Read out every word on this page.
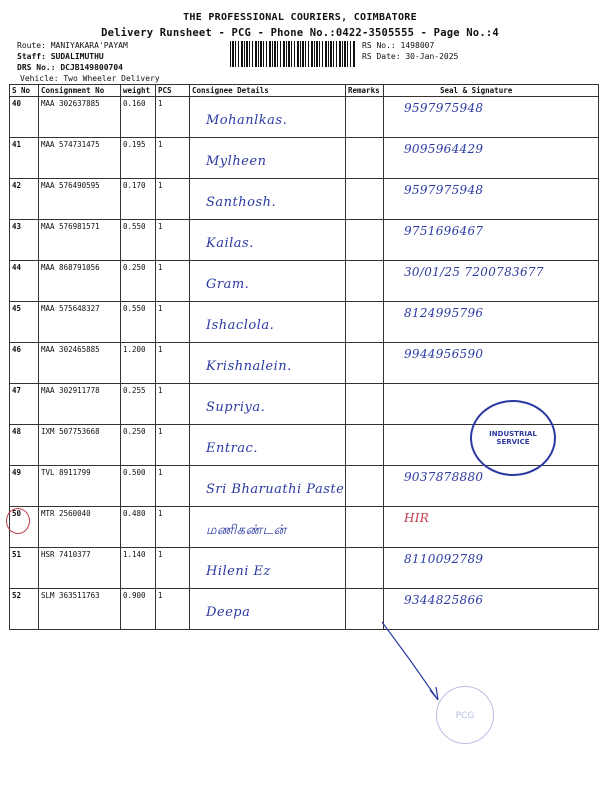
THE PROFESSIONAL COURIERS, COIMBATORE
Delivery Runsheet - PCG - Phone No.:0422-3505555 - Page No.:4
Route: MANIYAKARA'PAYAM
Staff: SUDALIMUTHU
DRS No.: DCJB149800704
Vehicle: Two Wheeler Delivery
RS No.: 1498007
RS Date: 30-Jan-2025
S No	Consignment No	weight	PCS	Consignee Details	Remarks	Seal & Signature
40	MAA 302637885	0.160	1	Mohanlkas.		9597975948

41	MAA 574731475	0.195	1	Mylheen		9095964429

42	MAA 576490595	0.170	1	Santhosh.		9597975948

43	MAA 576981571	0.550	1	Kailas.		9751696467

44	MAA 868791056	0.250	1	Gram.		30/01/25 7200783677

45	MAA 575648327	0.550	1	Ishaclola.		8124995796

46	MAA 302465885	1.200	1	Krishnalein.		9944956590

47	MAA 302911778	0.255	1	Supriya.		

48	IXM 507753668	0.250	1	Entrac.		

49	TVL 8911799	0.500	1	Sri Bharuathi Paste		9037878880

50	MTR 2560040	0.480	1	மணிகண்டன்		HIR

51	HSR 7410377	1.140	1	Hileni Ez		8110092789

52	SLM 363511763	0.900	1	Deepa		9344825866
INDUSTRIAL SERVICE
PCG
